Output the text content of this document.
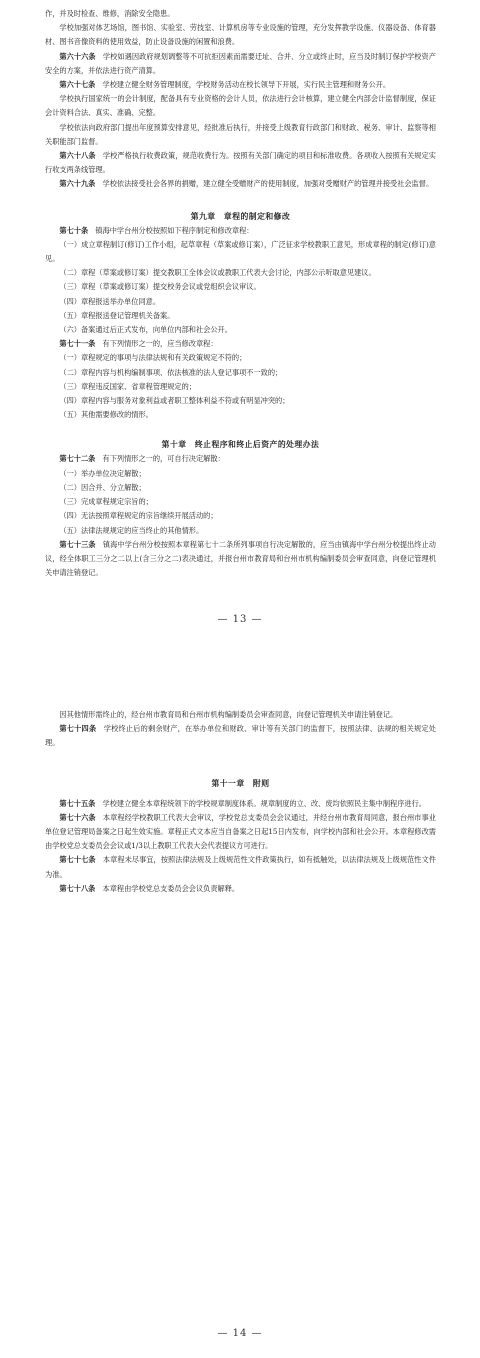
作，并及时检查、维修，消除安全隐患。

学校加强对体艺场馆，图书馆、实验室、劳技室、计算机房等专业设施的管理，充分发挥教学设施、仪器设备、体育器材、图书音像资料的使用效益，防止设备设施的闲置和浪费。

第六十六条　学校如遇因政府规划调整等不可抗拒因素而需要迁址、合并、分立或终止时，应当及时制订保护学校资产安全的方案，并依法进行资产清算。

第六十七条　学校建立健全财务管理制度，学校财务活动在校长领导下开展，实行民主管理和财务公开。

学校执行国家统一的会计制度，配备具有专业资格的会计人员，依法进行会计核算，建立健全内部会计监督制度，保证会计资料合法、真实、准确、完整。

学校依法向政府部门提出年度预算安排意见，经批准后执行，并接受上级教育行政部门和财政、税务、审计、监察等相关职能部门监督。

第六十八条　学校严格执行收费政策，规范收费行为。按照有关部门确定的项目和标准收费。各项收入按照有关规定实行收支两条线管理。

第六十九条　学校依法接受社会各界的捐赠，建立健全受赠财产的使用制度，加强对受赠财产的管理并接受社会监督。

第九章　章程的制定和修改

第七十条　镇海中学台州分校按照如下程序制定和修改章程：

（一）成立章程制订(修订)工作小组，起草章程（草案或修订案），广泛征求学校教职工意见，形成章程的制定(修订)意见。

（二）章程（草案或修订案）提交教职工全体会议或教职工代表大会讨论，内部公示听取意见建议。

（三）章程（草案或修订案）提交校务会议或党组织会议审议。

（四）章程报送举办单位同意。

（五）章程报送登记管理机关备案。

（六）备案通过后正式发布，向单位内部和社会公开。

第七十一条　有下列情形之一的，应当修改章程：

（一）章程规定的事项与法律法规和有关政策规定不符的；

（二）章程内容与机构编制事项、依法核准的法人登记事项不一致的；

（三）章程违反国家、省章程管理规定的；

（四）章程内容与服务对象利益或者职工整体利益不符或有明显冲突的；

（五）其他需要修改的情形。

第十章　终止程序和终止后资产的处理办法

第七十二条　有下列情形之一的，可自行决定解散：

（一）举办单位决定解散；

（二）因合并、分立解散；

（三）完成章程规定宗旨的；

（四）无法按照章程规定的宗旨继续开展活动的；

（五）法律法规规定的应当终止的其他情形。

第七十三条　镇海中学台州分校按照本章程第七十二条所列事项自行决定解散的，应当由镇海中学台州分校提出终止动议，经全体职工三分之二以上(含三分之二)表决通过，并报台州市教育局和台州市机构编制委员会审查同意，向登记管理机关申请注销登记。

— 13 —

因其他情形需终止的，经台州市教育局和台州市机构编制委员会审查同意，向登记管理机关申请注销登记。

第七十四条　学校终止后的剩余财产，在举办单位和财政、审计等有关部门的监督下，按照法律、法规的相关规定处理。

第十一章　附则

第七十五条　学校建立健全本章程统领下的学校规章制度体系。规章制度的立、改、废均依照民主集中制程序进行。

第七十六条　本章程经学校教职工代表大会审议，学校党总支委员会会议通过，并经台州市教育局同意，报台州市事业单位登记管理局备案之日起生效实施。章程正式文本应当自备案之日起15日内发布，向学校内部和社会公开。本章程修改需由学校党总支委员会会议或1/3以上教职工代表大会代表提议方可进行。

第七十七条　本章程未尽事宜，按照法律法规及上级规范性文件政策执行，如有抵触处，以法律法规及上级规范性文件为准。

第七十八条　本章程由学校党总支委员会会议负责解释。

— 14 —
